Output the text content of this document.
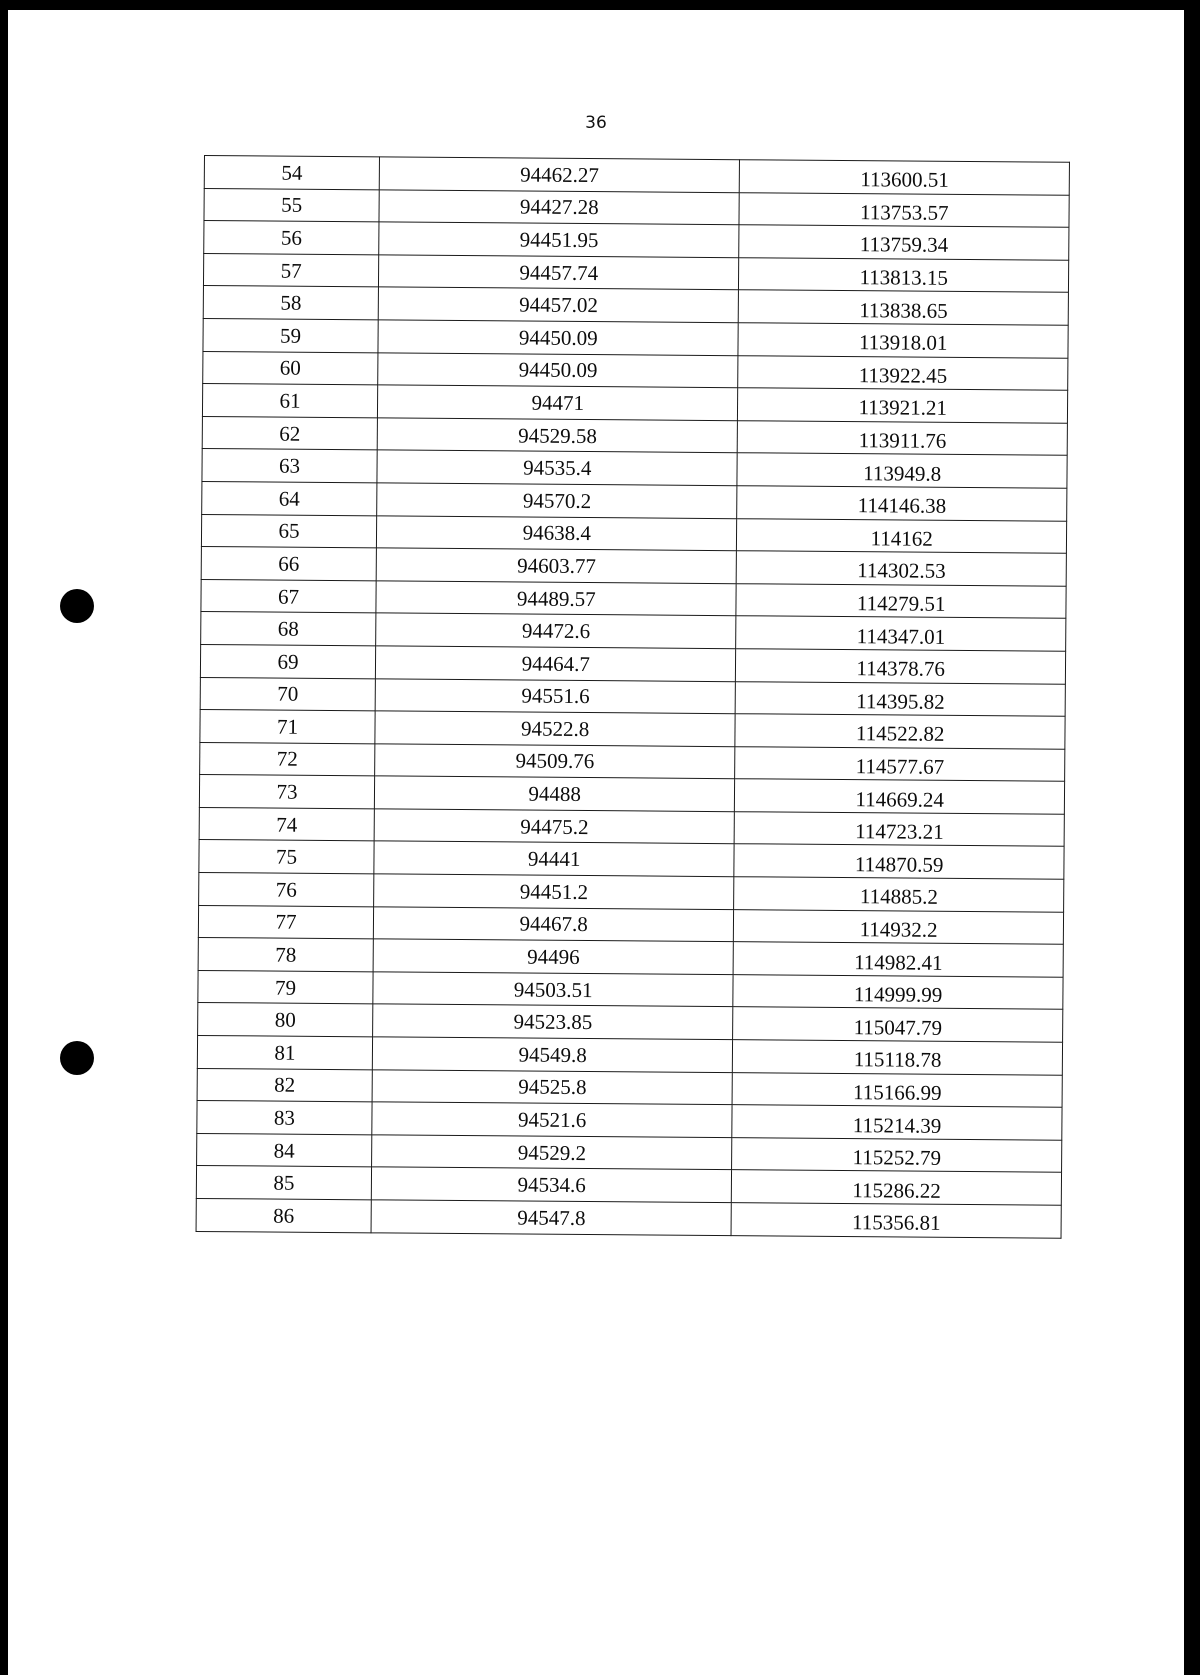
36
54	94462.27	113600.51
55	94427.28	113753.57
56	94451.95	113759.34
57	94457.74	113813.15
58	94457.02	113838.65
59	94450.09	113918.01
60	94450.09	113922.45
61	94471	113921.21
62	94529.58	113911.76
63	94535.4	113949.8
64	94570.2	114146.38
65	94638.4	114162
66	94603.77	114302.53
67	94489.57	114279.51
68	94472.6	114347.01
69	94464.7	114378.76
70	94551.6	114395.82
71	94522.8	114522.82
72	94509.76	114577.67
73	94488	114669.24
74	94475.2	114723.21
75	94441	114870.59
76	94451.2	114885.2
77	94467.8	114932.2
78	94496	114982.41
79	94503.51	114999.99
80	94523.85	115047.79
81	94549.8	115118.78
82	94525.8	115166.99
83	94521.6	115214.39
84	94529.2	115252.79
85	94534.6	115286.22
86	94547.8	115356.81
